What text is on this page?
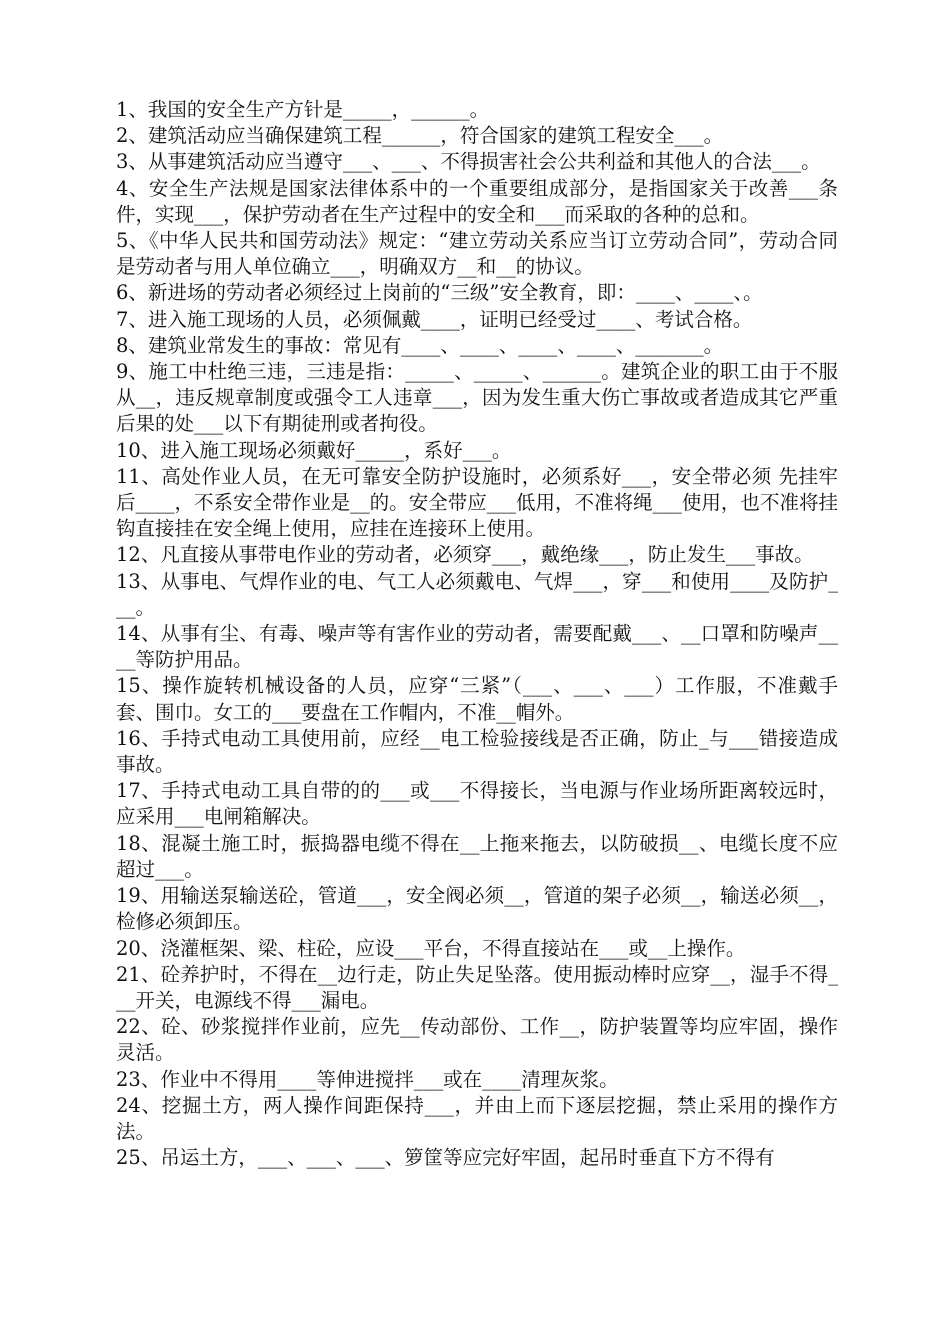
1、我国的安全生产方针是_____，______。
2、建筑活动应当确保建筑工程______，符合国家的建筑工程安全___。
3、从事建筑活动应当遵守___、___、不得损害社会公共利益和其他人的合法___。
4、安全生产法规是国家法律体系中的一个重要组成部分，是指国家关于改善___条件，实现___，保护劳动者在生产过程中的安全和___而采取的各种的总和。
5、《中华人民共和国劳动法》规定：“建立劳动关系应当订立劳动合同”，劳动合同是劳动者与用人单位确立___，明确双方__和__的协议。
6、新进场的劳动者必须经过上岗前的“三级”安全教育，即：____、____、。
7、进入施工现场的人员，必须佩戴____，证明已经受过____、考试合格。
8、建筑业常发生的事故：常见有____、____、____、____、_______。
9、施工中杜绝三违，三违是指：_____、_____、______。建筑企业的职工由于不服从__，违反规章制度或强令工人违章___，因为发生重大伤亡事故或者造成其它严重后果的处___以下有期徒刑或者拘役。
10、进入施工现场必须戴好_____，系好___。
11、高处作业人员，在无可靠安全防护设施时，必须系好___，安全带必须 先挂牢后____，不系安全带作业是__的。安全带应___低用，不准将绳___使用，也不准将挂钩直接挂在安全绳上使用，应挂在连接环上使用。
12、凡直接从事带电作业的劳动者，必须穿___，戴绝缘___，防止发生___事故。
13、从事电、气焊作业的电、气工人必须戴电、气焊___，穿___和使用____及防护___。
14、从事有尘、有毒、噪声等有害作业的劳动者，需要配戴___、__口罩和防噪声____等防护用品。
15、操作旋转机械设备的人员，应穿“三紧”（___、___、___）工作服，不准戴手套、围巾。女工的___要盘在工作帽内，不准__帽外。
16、手持式电动工具使用前，应经__电工检验接线是否正确，防止_与___错接造成事故。
17、手持式电动工具自带的的___或___不得接长，当电源与作业场所距离较远时，应采用___电闸箱解决。
18、混凝土施工时，振捣器电缆不得在__上拖来拖去，以防破损__、电缆长度不应超过___。
19、用输送泵输送砼，管道___，安全阀必须__，管道的架子必须__，输送必须__，检修必须卸压。
20、浇灌框架、梁、柱砼，应设___平台，不得直接站在___或__上操作。
21、砼养护时，不得在__边行走，防止失足坠落。使用振动棒时应穿__，湿手不得___开关，电源线不得___漏电。
22、砼、砂浆搅拌作业前，应先__传动部份、工作__，防护装置等均应牢固，操作灵活。
23、作业中不得用____等伸进搅拌___或在____清理灰浆。
24、挖掘土方，两人操作间距保持___，并由上而下逐层挖掘，禁止采用的操作方法。
25、吊运土方，___、___、___、箩筐等应完好牢固，起吊时垂直下方不得有
